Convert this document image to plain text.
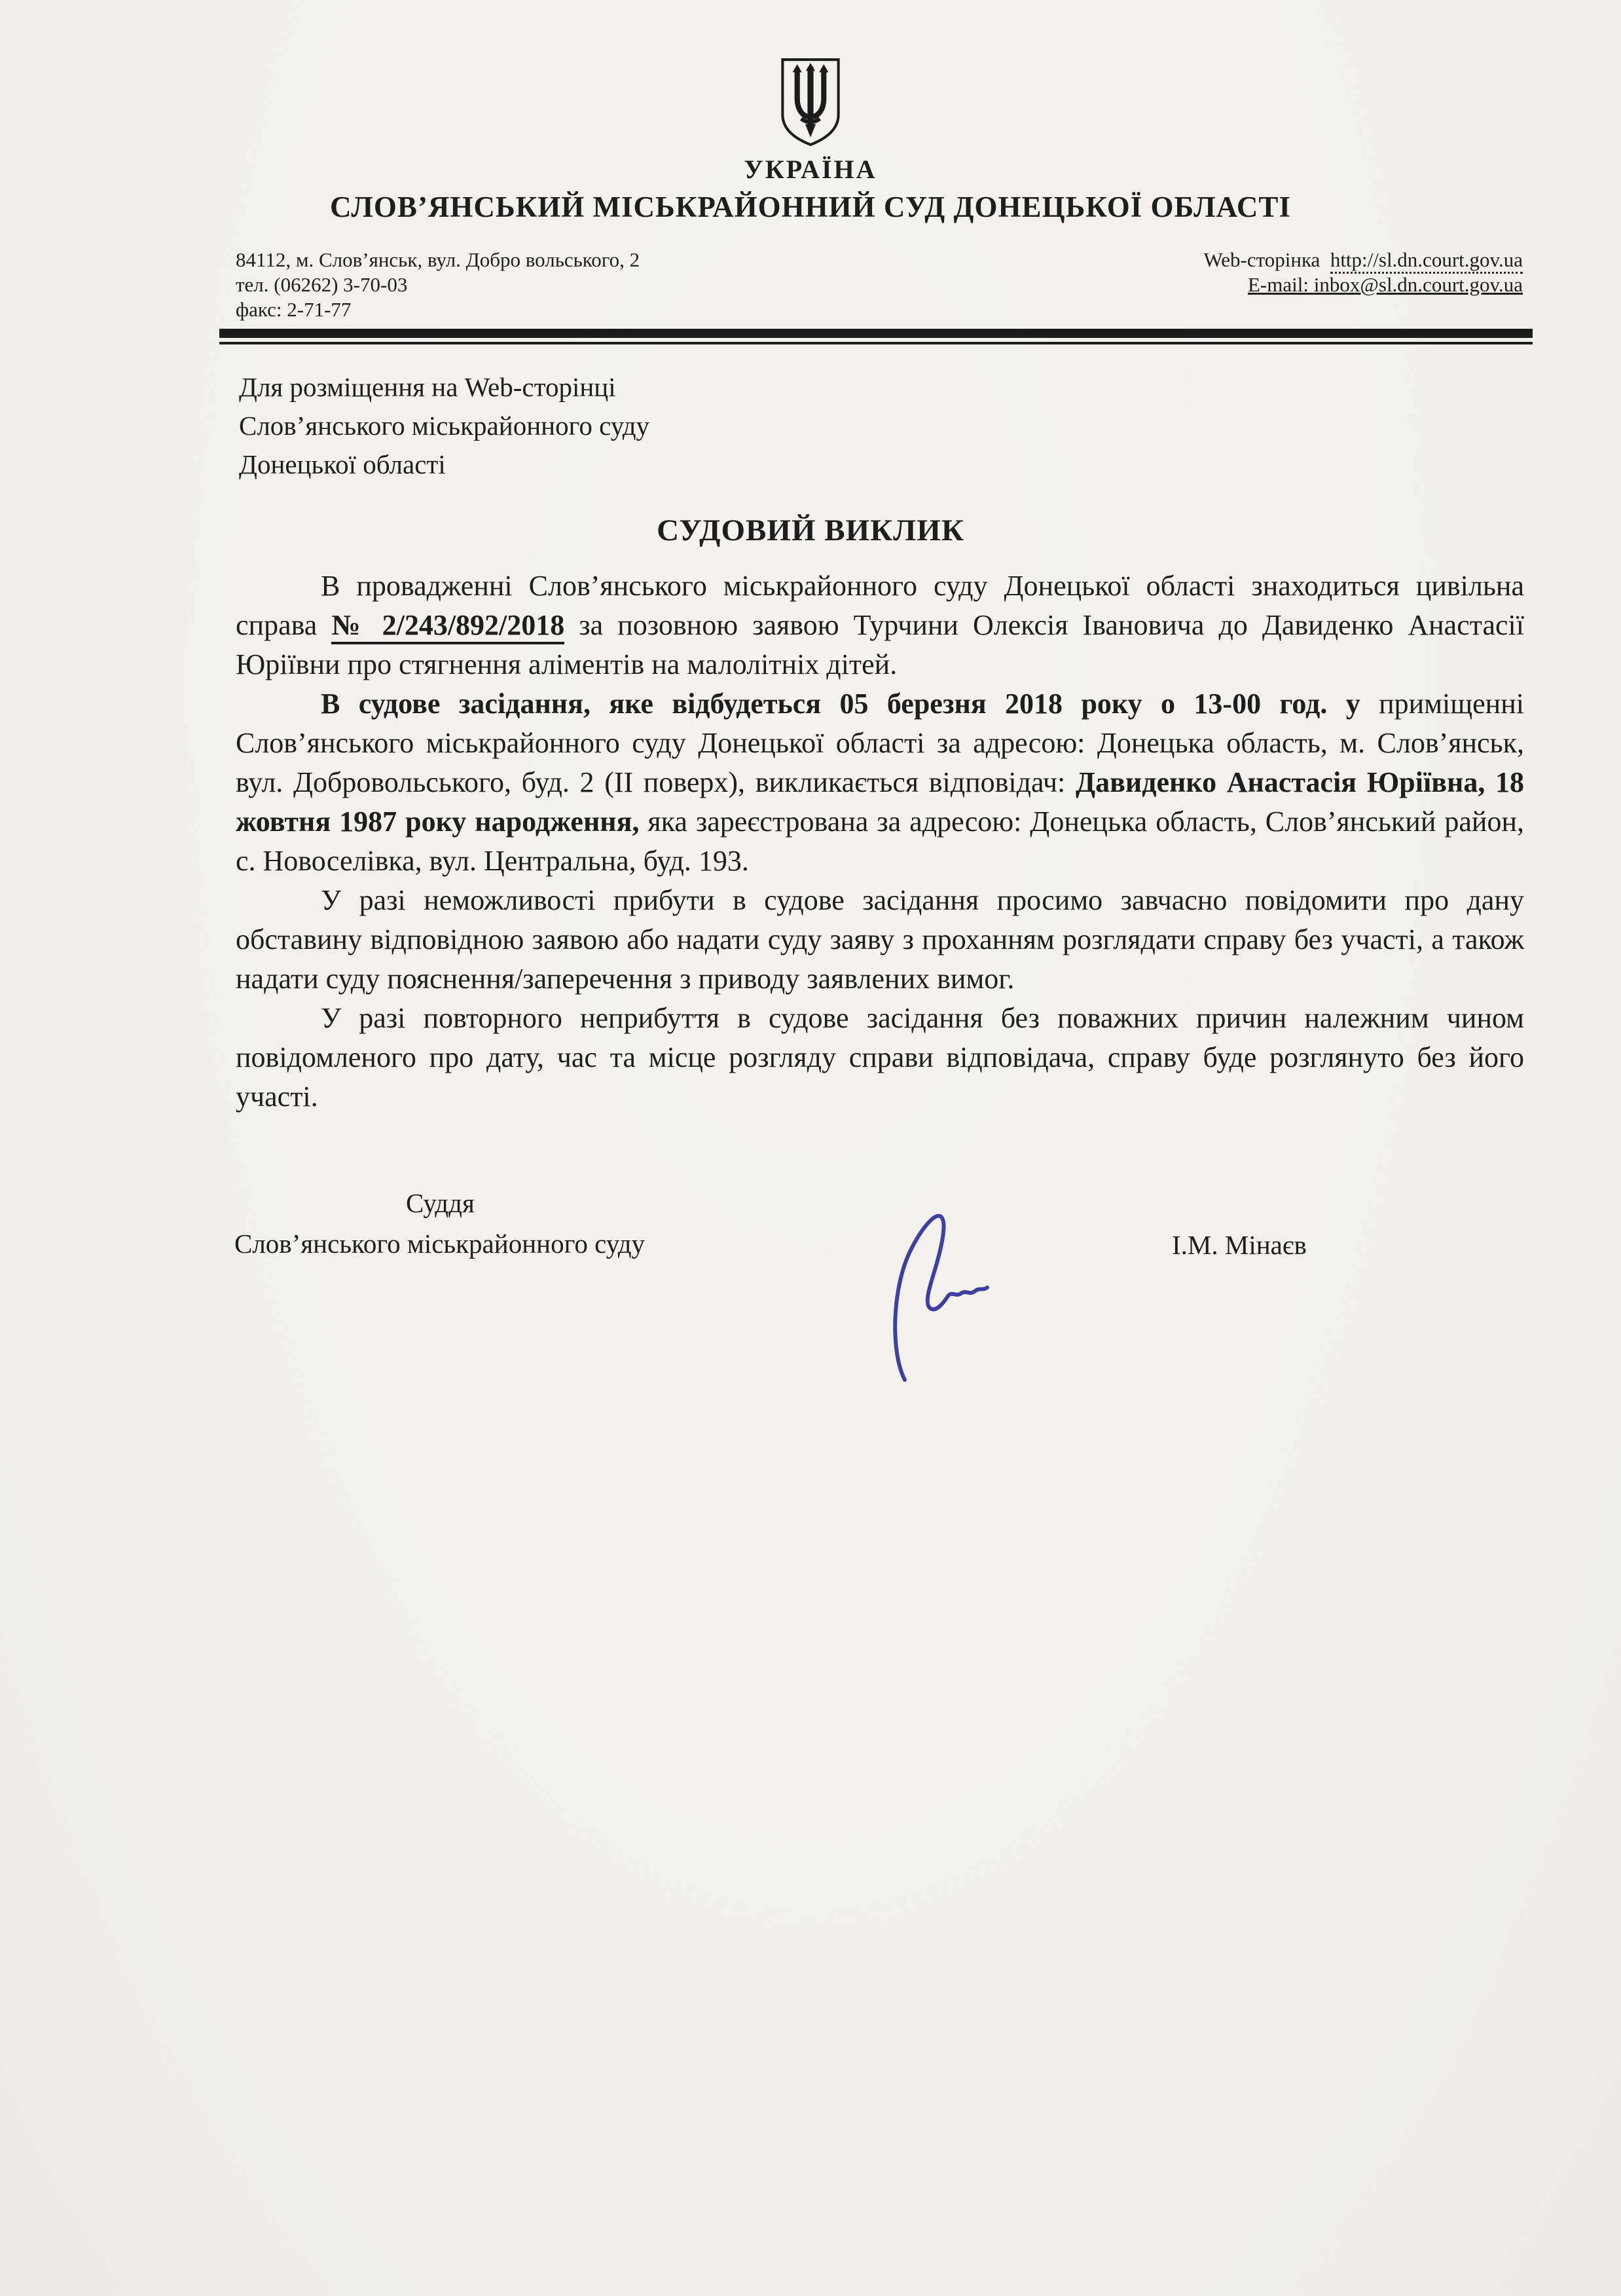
УКРАЇНА
СЛОВ’ЯНСЬКИЙ МІСЬКРАЙОННИЙ СУД ДОНЕЦЬКОЇ ОБЛАСТІ
84112, м. Слов’янськ, вул. Добро вольського, 2
тел. (06262) 3-70-03
факс: 2-71-77
Web-сторінка http://sl.dn.court.gov.ua
E-mail: inbox@sl.dn.court.gov.ua
Для розміщення на Web-сторінці
Слов’янського міськрайонного суду
Донецької області
СУДОВИЙ ВИКЛИК

В провадженні Слов’янського міськрайонного суду Донецької області знаходиться цивільна справа № 2/243/892/2018 за позовною заявою Турчини Олексія Івановича до Давиденко Анастасії Юріївни про стягнення аліментів на малолітніх дітей.

В судове засідання, яке відбудеться 05 березня 2018 року о 13-00 год. у приміщенні Слов’янського міськрайонного суду Донецької області за адресою: Донецька область, м. Слов’янськ, вул. Добровольського, буд. 2 (ІІ поверх), викликається відповідач: Давиденко Анастасія Юріївна, 18 жовтня 1987 року народження, яка зареєстрована за адресою: Донецька область, Слов’янський район, с. Новоселівка, вул. Центральна, буд. 193.

У разі неможливості прибути в судове засідання просимо завчасно повідомити про дану обставину відповідною заявою або надати суду заяву з проханням розглядати справу без участі, а також надати суду пояснення/заперечення з приводу заявлених вимог.

У разі повторного неприбуття в судове засідання без поважних причин належним чином повідомленого про дату, час та місце розгляду справи відповідача, справу буде розглянуто без його участі.

Суддя
Слов’янського міськрайонного суду	І.М. Мінаєв
